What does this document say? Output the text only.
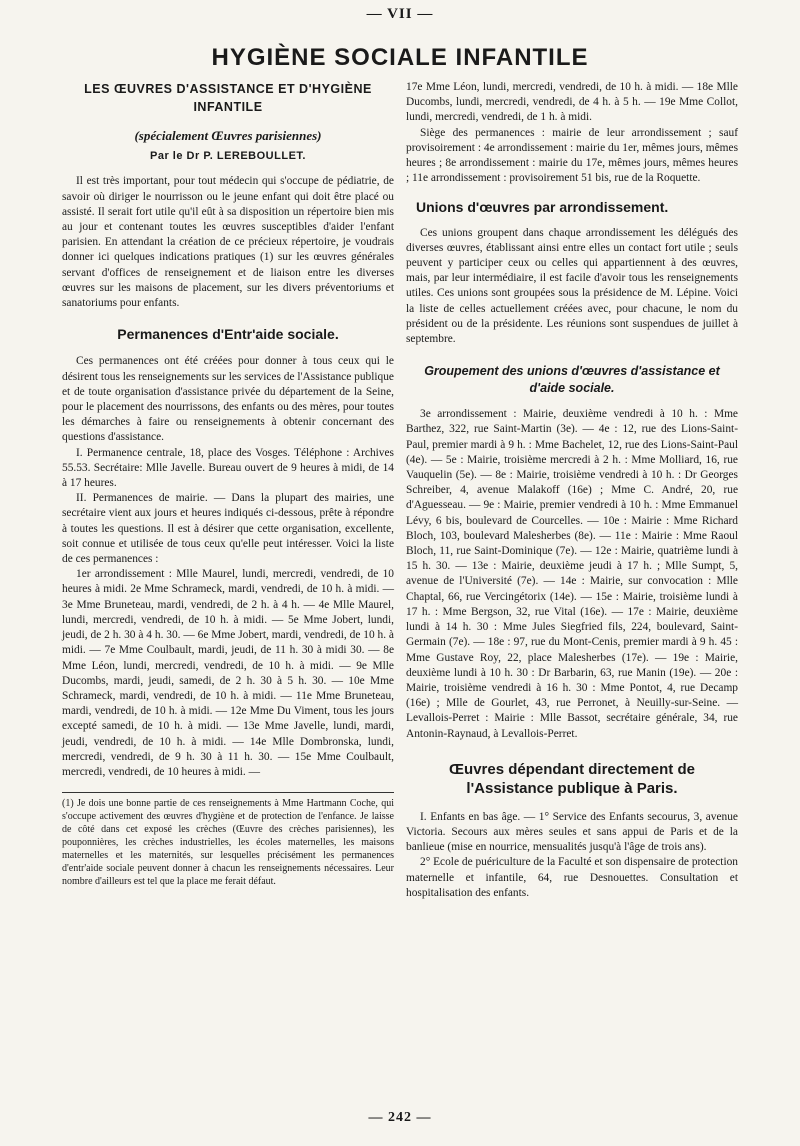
— VII —
HYGIÈNE SOCIALE INFANTILE
LES ŒUVRES D'ASSISTANCE ET D'HYGIÈNE INFANTILE
(spécialement Œuvres parisiennes)
Par le Dr P. LEREBOULLET.

Il est très important, pour tout médecin qui s'occupe de pédiatrie, de savoir où diriger le nourrisson ou le jeune enfant qui doit être placé ou assisté. Il serait fort utile qu'il eût à sa disposition un répertoire bien mis au jour et contenant toutes les œuvres susceptibles d'aider l'enfant parisien. En attendant la création de ce précieux répertoire, je voudrais donner ici quelques indications pratiques (1) sur les œuvres générales servant d'offices de renseignement et de liaison entre les diverses œuvres sur les maisons de placement, sur les divers préventoriums et sanatoriums pour enfants.

Permanences d'Entr'aide sociale.

Ces permanences ont été créées pour donner à tous ceux qui le désirent tous les renseignements sur les services de l'Assistance publique et de toute organisation d'assistance privée du département de la Seine, pour le placement des nourrissons, des enfants ou des mères, pour toutes les démarches à faire ou renseignements à obtenir concernant des questions d'assistance.

I. Permanence centrale, 18, place des Vosges. Téléphone : Archives 55.53. Secrétaire: Mlle Javelle. Bureau ouvert de 9 heures à midi, de 14 à 17 heures.

II. Permanences de mairie. — Dans la plupart des mairies, une secrétaire vient aux jours et heures indiqués ci-dessous, prête à répondre à toutes les questions. Il est à désirer que cette organisation, excellente, soit connue et utilisée de tous ceux qu'elle peut intéresser. Voici la liste de ces permanences :

1er arrondissement : Mlle Maurel, lundi, mercredi, vendredi, de 10 heures à midi. 2e Mme Schrameck, mardi, vendredi, de 10 h. à midi. — 3e Mme Bruneteau, mardi, vendredi, de 2 h. à 4 h. — 4e Mlle Maurel, lundi, mercredi, vendredi, de 10 h. à midi. — 5e Mme Jobert, lundi, jeudi, de 2 h. 30 à 4 h. 30. — 6e Mme Jobert, mardi, vendredi, de 10 h. à midi. — 7e Mme Coulbault, mardi, jeudi, de 11 h. 30 à midi 30. — 8e Mme Léon, lundi, mercredi, vendredi, de 10 h. à midi. — 9e Mlle Ducombs, mardi, jeudi, samedi, de 2 h. 30 à 5 h. 30. — 10e Mme Schrameck, mardi, vendredi, de 10 h. à midi. — 11e Mme Bruneteau, mardi, vendredi, de 10 h. à midi. — 12e Mme Du Viment, tous les jours excepté samedi, de 10 h. à midi. — 13e Mme Javelle, lundi, mardi, jeudi, vendredi, de 10 h. à midi. — 14e Mlle Dombronska, lundi, mercredi, vendredi, de 9 h. 30 à 11 h. 30. — 15e Mme Coulbault, mercredi, vendredi, de 10 heures à midi. —

(1) Je dois une bonne partie de ces renseignements à Mme Hartmann Coche, qui s'occupe activement des œuvres d'hygiène et de protection de l'enfance. Je laisse de côté dans cet exposé les crèches (Œuvre des crèches parisiennes), les pouponnières, les crèches industrielles, les écoles maternelles, les maisons maternelles et les maternités, sur lesquelles précisément les permanences d'entr'aide sociale peuvent donner à chacun les renseignements nécessaires. Leur nombre d'ailleurs est tel que la place me ferait défaut.

17e Mme Léon, lundi, mercredi, vendredi, de 10 h. à midi. — 18e Mlle Ducombs, lundi, mercredi, vendredi, de 4 h. à 5 h. — 19e Mme Collot, lundi, mercredi, vendredi, de 1 h. à midi.

Siège des permanences : mairie de leur arrondissement ; sauf provisoirement : 4e arrondissement : mairie du 1er, mêmes jours, mêmes heures ; 8e arrondissement : mairie du 17e, mêmes jours, mêmes heures ; 11e arrondissement : provisoirement 51 bis, rue de la Roquette.

Unions d'œuvres par arrondissement.

Ces unions groupent dans chaque arrondissement les délégués des diverses œuvres, établissant ainsi entre elles un contact fort utile ; seuls peuvent y participer ceux ou celles qui appartiennent à des œuvres, mais, par leur intermédiaire, il est facile d'avoir tous les renseignements utiles. Ces unions sont groupées sous la présidence de M. Lépine. Voici la liste de celles actuellement créées avec, pour chacune, le nom du président ou de la présidente. Les réunions sont suspendues de juillet à septembre.

Groupement des unions d'œuvres d'assistance et d'aide sociale.

3e arrondissement : Mairie, deuxième vendredi à 10 h. : Mme Barthez, 322, rue Saint-Martin (3e). — 4e : 12, rue des Lions-Saint-Paul, premier mardi à 9 h. : Mme Bachelet, 12, rue des Lions-Saint-Paul (4e). — 5e : Mairie, troisième mercredi à 2 h. : Mme Molliard, 16, rue Vauquelin (5e). — 8e : Mairie, troisième vendredi à 10 h. : Dr Georges Schreiber, 4, avenue Malakoff (16e) ; Mme C. André, 20, rue d'Aguesseau. — 9e : Mairie, premier vendredi à 10 h. : Mme Emmanuel Lévy, 6 bis, boulevard de Courcelles. — 10e : Mairie : Mme Richard Bloch, 103, boulevard Malesherbes (8e). — 11e : Mairie : Mme Raoul Bloch, 11, rue Saint-Dominique (7e). — 12e : Mairie, quatrième lundi à 15 h. 30. — 13e : Mairie, deuxième jeudi à 17 h. ; Mlle Sumpt, 5, avenue de l'Université (7e). — 14e : Mairie, sur convocation : Mlle Chaptal, 66, rue Vercingétorix (14e). — 15e : Mairie, troisième lundi à 17 h. : Mme Bergson, 32, rue Vital (16e). — 17e : Mairie, deuxième lundi à 14 h. 30 : Mme Jules Siegfried fils, 224, boulevard, Saint-Germain (7e). — 18e : 97, rue du Mont-Cenis, premier mardi à 9 h. 45 : Mme Gustave Roy, 22, place Malesherbes (17e). — 19e : Mairie, deuxième lundi à 10 h. 30 : Dr Barbarin, 63, rue Manin (19e). — 20e : Mairie, troisième vendredi à 16 h. 30 : Mme Pontot, 4, rue Decamp (16e) ; Mlle de Gourlet, 43, rue Perronet, à Neuilly-sur-Seine. — Levallois-Perret : Mairie : Mlle Bassot, secrétaire générale, 34, rue Antonin-Raynaud, à Levallois-Perret.

Œuvres dépendant directement de l'Assistance publique à Paris.

I. Enfants en bas âge. — 1° Service des Enfants secourus, 3, avenue Victoria. Secours aux mères seules et sans appui de Paris et de la banlieue (mise en nourrice, mensualités jusqu'à l'âge de trois ans).

2° Ecole de puériculture de la Faculté et son dispensaire de protection maternelle et infantile, 64, rue Desnouettes. Consultation et hospitalisation des enfants.

— 242 —
